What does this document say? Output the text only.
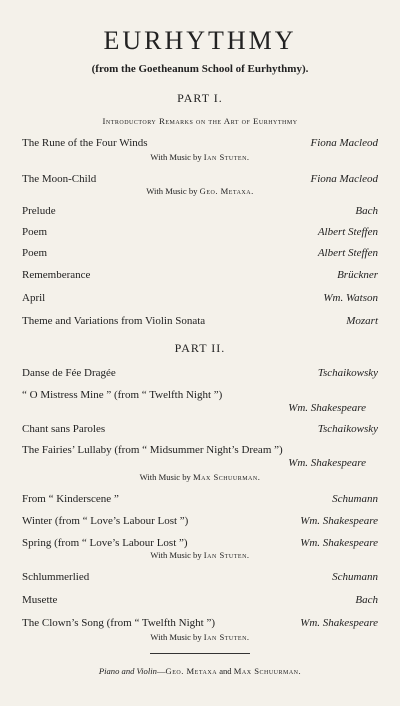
EURHYTHMY
(from the Goetheanum School of Eurhythmy).
PART I.
Introductory Remarks on the Art of Eurhythmy
The Rune of the Four Winds	Fiona Macleod
With Music by Ian Stuten.
The Moon-Child	Fiona Macleod
With Music by Geo. Metaxa.
Prelude	Bach
Poem	Albert Steffen
Poem	Albert Steffen
Rememberance	Brückner
April	Wm. Watson
Theme and Variations from Violin Sonata	Mozart
PART II.
Danse de Fée Dragée	Tschaikowsky
“ O Mistress Mine ” (from “ Twelfth Night ”)
Wm. Shakespeare
Chant sans Paroles	Tschaikowsky
The Fairies’ Lullaby (from “ Midsummer Night’s Dream ”)
Wm. Shakespeare
With Music by Max Schuurman.
From “ Kinderscene ”	Schumann
Winter (from “ Love’s Labour Lost ”)	Wm. Shakespeare
Spring (from “ Love’s Labour Lost ”)	Wm. Shakespeare
With Music by Ian Stuten.
Schlummerlied	Schumann
Musette	Bach
The Clown’s Song (from “ Twelfth Night ”)	Wm. Shakespeare
With Music by Ian Stuten.
Piano and Violin—Geo. Metaxa and Max Schuurman.
